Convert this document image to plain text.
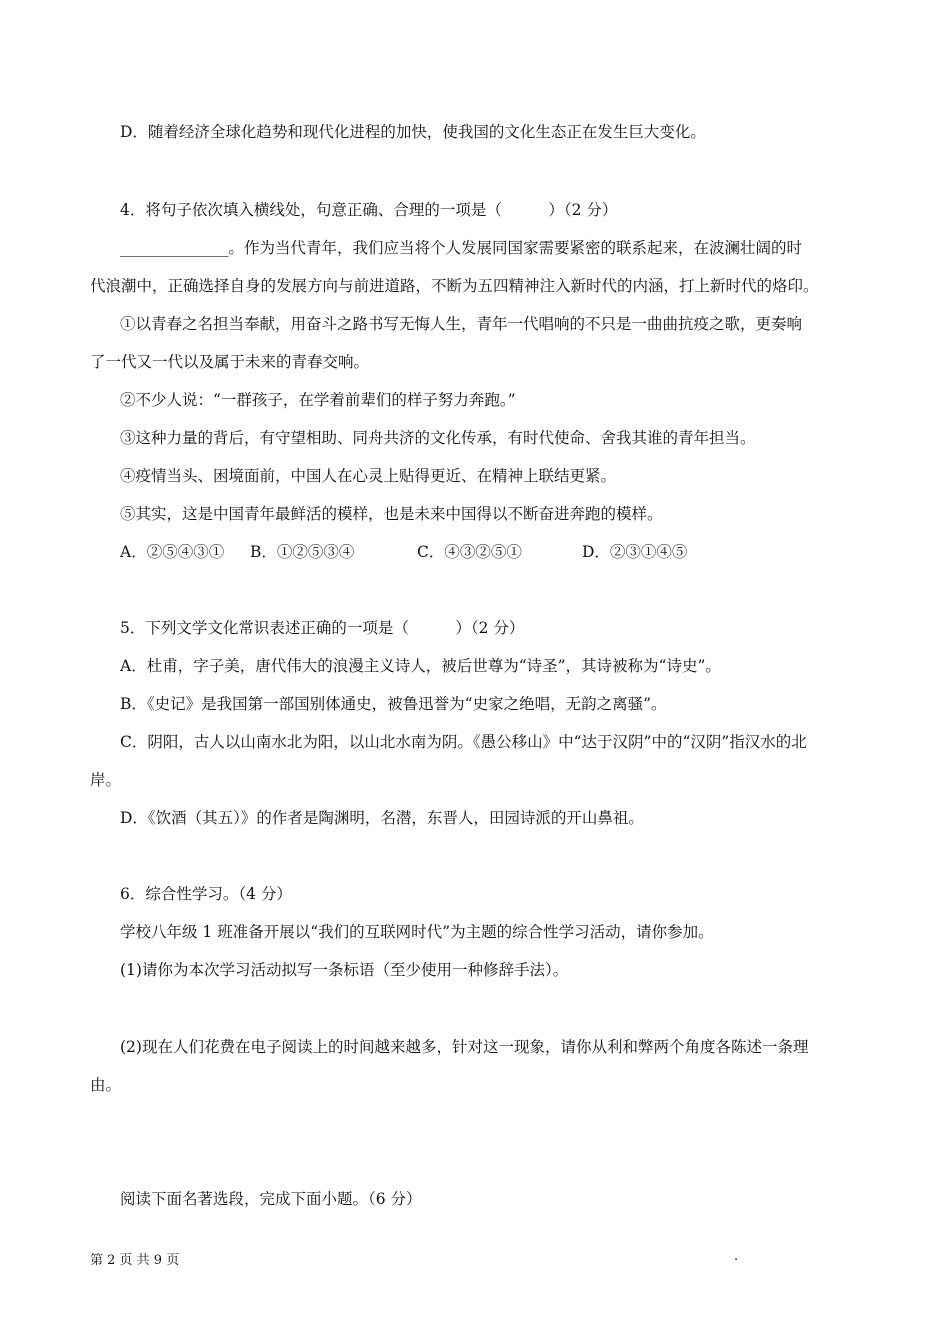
D．随着经济全球化趋势和现代化进程的加快，使我国的文化生态正在发生巨大变化。
4．将句子依次填入横线处，句意正确、合理的一项是（　　　）（2 分）
______________。作为当代青年，我们应当将个人发展同国家需要紧密的联系起来，在波澜壮阔的时
代浪潮中，正确选择自身的发展方向与前进道路，不断为五四精神注入新时代的内涵，打上新时代的烙印。
①以青春之名担当奉献，用奋斗之路书写无悔人生，青年一代唱响的不只是一曲曲抗疫之歌，更奏响
了一代又一代以及属于未来的青春交响。
②不少人说：“一群孩子，在学着前辈们的样子努力奔跑。”
③这种力量的背后，有守望相助、同舟共济的文化传承，有时代使命、舍我其谁的青年担当。
④疫情当头、困境面前，中国人在心灵上贴得更近、在精神上联结更紧。
⑤其实，这是中国青年最鲜活的模样，也是未来中国得以不断奋进奔跑的模样。
A．②⑤④③① B．①②⑤③④	C．④③②⑤①	D．②③①④⑤
5．下列文学文化常识表述正确的一项是（　　　）（2 分）
A．杜甫，字子美，唐代伟大的浪漫主义诗人，被后世尊为“诗圣”，其诗被称为“诗史”。
B．《史记》是我国第一部国别体通史，被鲁迅誉为“史家之绝唱，无韵之离骚”。
C．阴阳，古人以山南水北为阳，以山北水南为阴。《愚公移山》中“达于汉阴”中的“汉阴”指汉水的北
岸。
D．《饮酒（其五）》的作者是陶渊明，名潜，东晋人，田园诗派的开山鼻祖。
6．综合性学习。（4 分）
学校八年级 1 班准备开展以“我们的互联网时代”为主题的综合性学习活动，请你参加。
(1)请你为本次学习活动拟写一条标语（至少使用一种修辞手法）。
(2)现在人们花费在电子阅读上的时间越来越多，针对这一现象，请你从利和弊两个角度各陈述一条理
由。
阅读下面名著选段，完成下面小题。（6 分）
第 2 页 共 9 页	.
